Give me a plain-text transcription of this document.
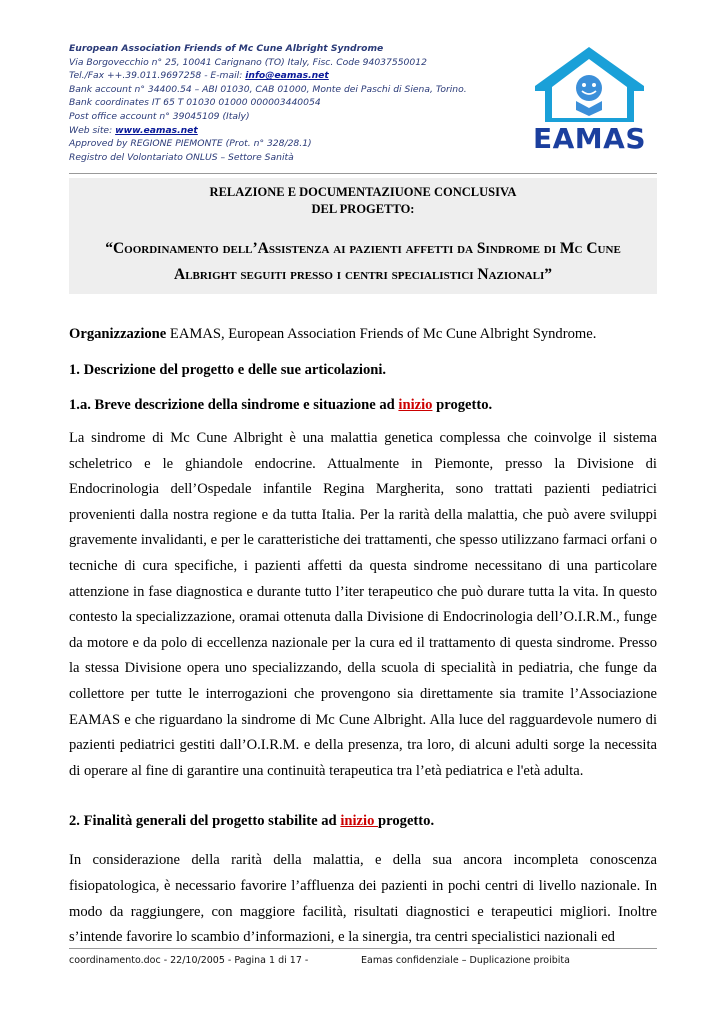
European Association Friends of Mc Cune Albright Syndrome
Via Borgovecchio n° 25, 10041 Carignano (TO) Italy, Fisc. Code 94037550012
Tel./Fax ++.39.011.9697258 - E-mail: info@eamas.net
Bank account n° 34400.54 – ABI 01030, CAB 01000, Monte dei Paschi di Siena, Torino.
Bank coordinates IT 65 T 01030 01000 000003440054
Post office account n° 39045109 (Italy)
Web site: www.eamas.net
Approved by REGIONE PIEMONTE (Prot. n° 328/28.1)
Registro del Volontariato ONLUS – Settore Sanità
EAMAS
RELAZIONE E DOCUMENTAZIUONE CONCLUSIVA
DEL PROGETTO:
“Coordinamento dell’Assistenza ai pazienti affetti da Sindrome di Mc Cune Albright seguiti presso i centri specialistici Nazionali”

Organizzazione EAMAS, European Association Friends of Mc Cune Albright Syndrome.

1. Descrizione del progetto e delle sue articolazioni.

1.a. Breve descrizione della sindrome e situazione ad inizio progetto.

La sindrome di Mc Cune Albright è una malattia genetica complessa che coinvolge il sistema scheletrico e le ghiandole endocrine. Attualmente in Piemonte, presso la Divisione di Endocrinologia dell’Ospedale infantile Regina Margherita, sono trattati pazienti pediatrici provenienti dalla nostra regione e da tutta Italia. Per la rarità della malattia, che può avere sviluppi gravemente invalidanti, e per le caratteristiche dei trattamenti, che spesso utilizzano farmaci orfani o tecniche di cura specifiche, i pazienti affetti da questa sindrome necessitano di una particolare attenzione in fase diagnostica e durante tutto l’iter terapeutico che può durare tutta la vita. In questo contesto la specializzazione, oramai ottenuta dalla Divisione di Endocrinologia dell’O.I.R.M., funge da motore e da polo di eccellenza nazionale per la cura ed il trattamento di questa sindrome. Presso la stessa Divisione opera uno specializzando, della scuola di specialità in pediatria, che funge da collettore per tutte le interrogazioni che provengono sia direttamente sia tramite l’Associazione EAMAS e che riguardano la sindrome di Mc Cune Albright. Alla luce del ragguardevole numero di pazienti pediatrici gestiti dall’O.I.R.M. e della presenza, tra loro, di alcuni adulti sorge la necessita di operare al fine di garantire una continuità terapeutica tra l’età pediatrica e l'età adulta.

2. Finalità generali del progetto stabilite ad inizio progetto.

In considerazione della rarità della malattia, e della sua ancora incompleta conoscenza fisiopatologica, è necessario favorire l’affluenza dei pazienti in pochi centri di livello nazionale. In modo da raggiungere, con maggiore facilità, risultati diagnostici e terapeutici migliori. Inoltre s’intende favorire lo scambio d’informazioni, e la sinergia, tra centri specialistici nazionali ed

coordinamento.doc - 22/10/2005 - Pagina 1 di 17 -	Eamas confidenziale – Duplicazione proibita
